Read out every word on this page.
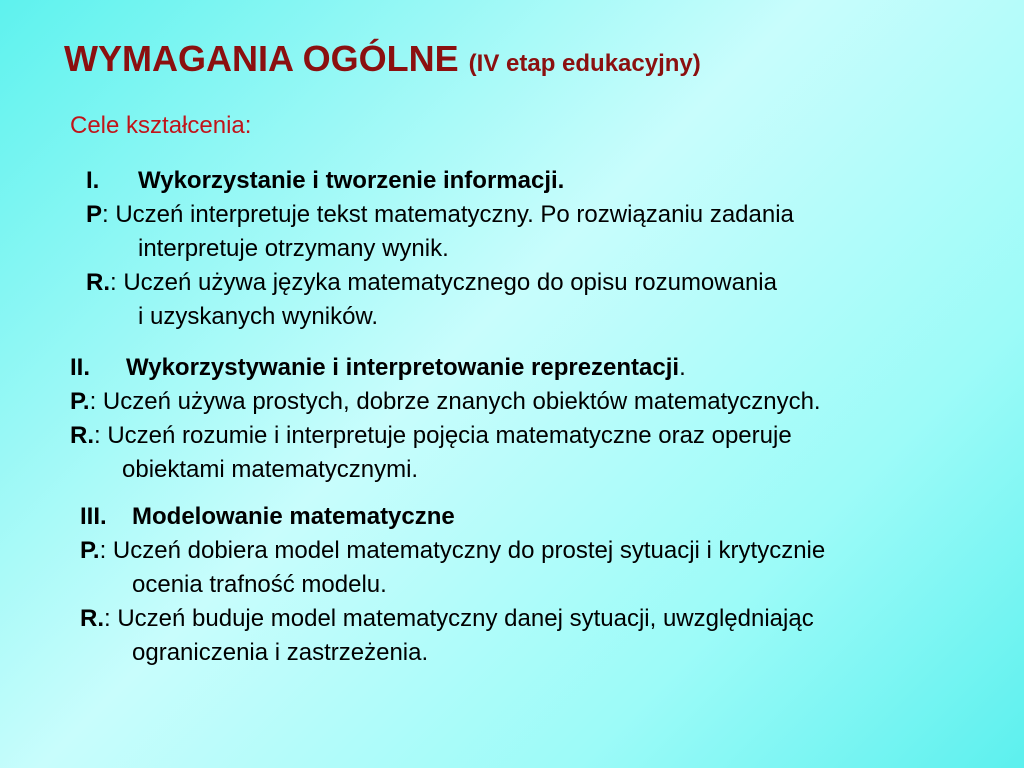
WYMAGANIA OGÓLNE (IV etap edukacyjny)
Cele kształcenia:
I. Wykorzystanie i tworzenie informacji.
P: Uczeń interpretuje tekst matematyczny. Po rozwiązaniu zadania
interpretuje otrzymany wynik.
R.: Uczeń używa języka matematycznego do opisu rozumowania
i uzyskanych wyników.
II. Wykorzystywanie i interpretowanie reprezentacji.
P.: Uczeń używa prostych, dobrze znanych obiektów matematycznych.
R.: Uczeń rozumie i interpretuje pojęcia matematyczne oraz operuje
obiektami matematycznymi.
III. Modelowanie matematyczne
P.: Uczeń dobiera model matematyczny do prostej sytuacji i krytycznie
ocenia trafność modelu.
R.: Uczeń buduje model matematyczny danej sytuacji, uwzględniając
ograniczenia i zastrzeżenia.
